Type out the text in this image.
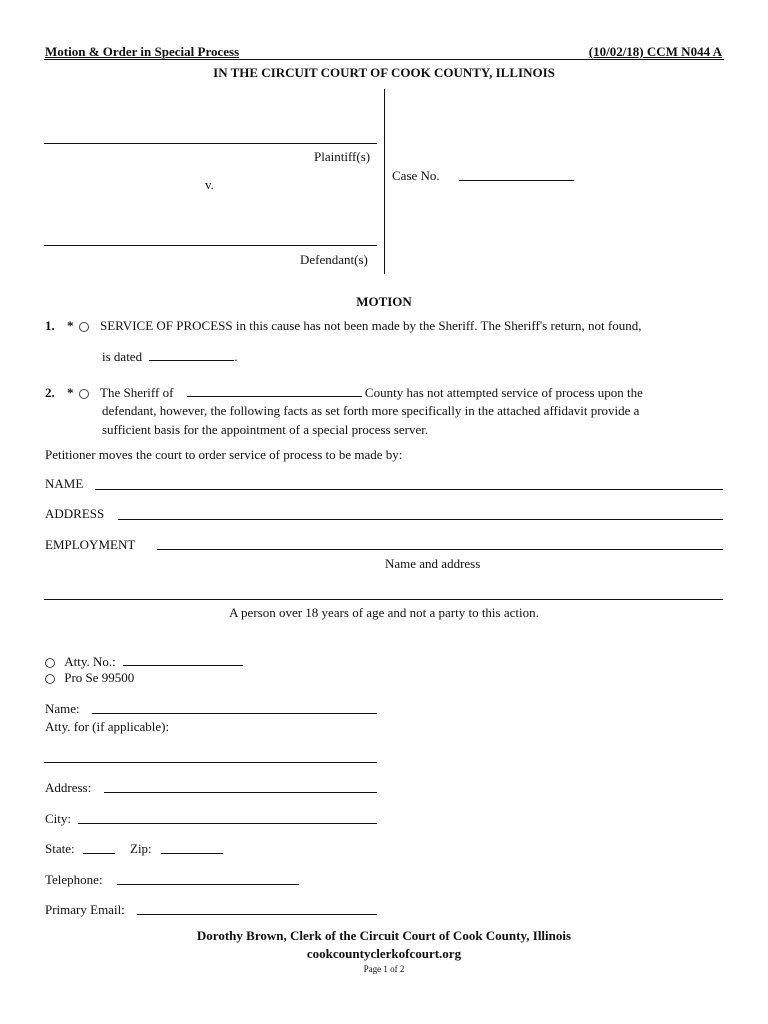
Motion & Order in Special Process	(10/02/18) CCM N044 A
IN THE CIRCUIT COURT OF COOK COUNTY, ILLINOIS
Plaintiff(s)
v.
Defendant(s)
Case No.
MOTION
1. * SERVICE OF PROCESS in this cause has not been made by the Sheriff. The Sheriff's return, not found,
is dated	.
2. * The Sheriff of	County has not attempted service of process upon the
defendant, however, the following facts as set forth more specifically in the attached affidavit provide a
sufficient basis for the appointment of a special process server.
Petitioner moves the court to order service of process to be made by:
NAME
ADDRESS
EMPLOYMENT
Name and address
A person over 18 years of age and not a party to this action.
Atty. No.:
Pro Se 99500
Name:
Atty. for (if applicable):
Address:
City:
State:	Zip:
Telephone:
Primary Email:
Dorothy Brown, Clerk of the Circuit Court of Cook County, Illinois
cookcountyclerkofcourt.org
Page 1 of 2
